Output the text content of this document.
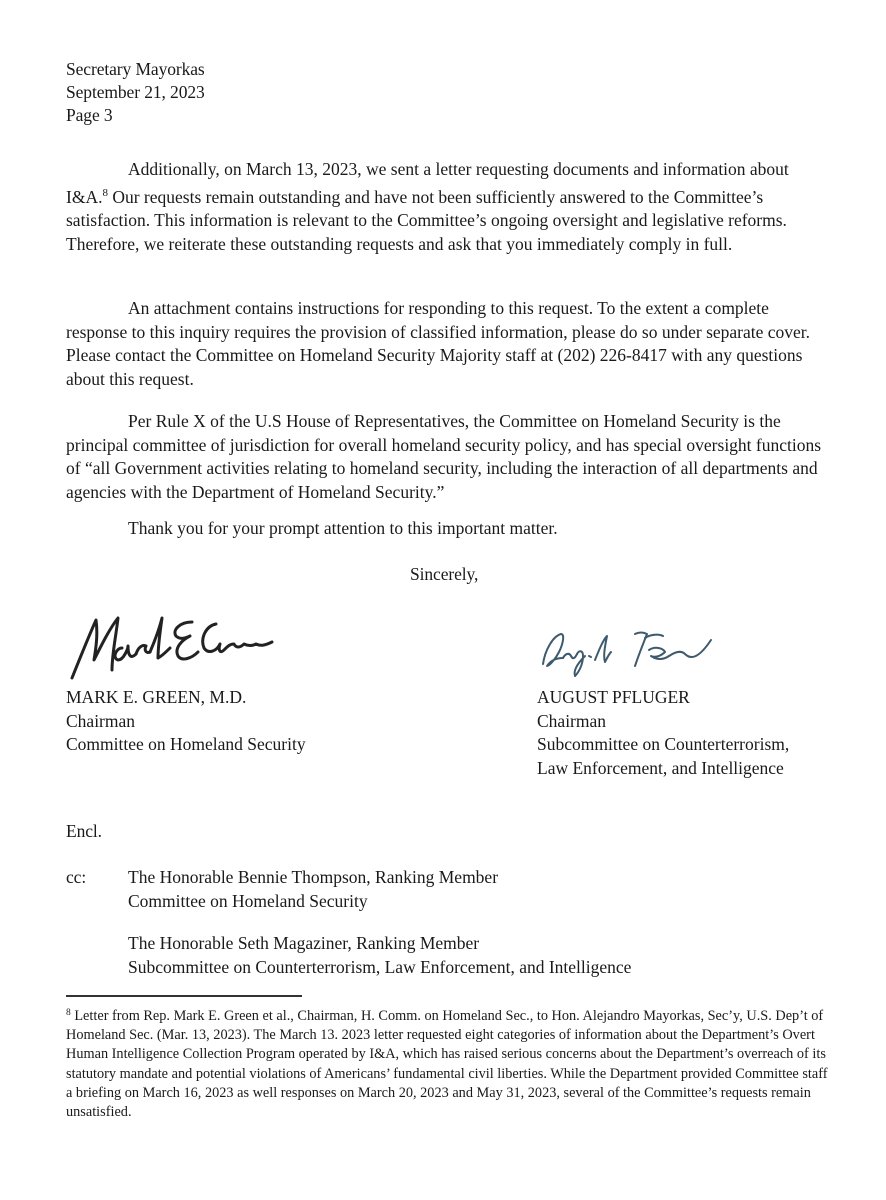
Secretary Mayorkas
September 21, 2023
Page 3

Additionally, on March 13, 2023, we sent a letter requesting documents and information about I&A.$^8$ Our requests remain outstanding and have not been sufficiently answered to the Committee’s satisfaction. This information is relevant to the Committee’s ongoing oversight and legislative reforms. Therefore, we reiterate these outstanding requests and ask that you immediately comply in full.

An attachment contains instructions for responding to this request. To the extent a complete response to this inquiry requires the provision of classified information, please do so under separate cover. Please contact the Committee on Homeland Security Majority staff at (202) 226-8417 with any questions about this request.

Per Rule X of the U.S House of Representatives, the Committee on Homeland Security is the principal committee of jurisdiction for overall homeland security policy, and has special oversight functions of “all Government activities relating to homeland security, including the interaction of all departments and agencies with the Department of Homeland Security.”

Thank you for your prompt attention to this important matter.

Sincerely,
MARK E. GREEN, M.D.
Chairman
Committee on Homeland Security
AUGUST PFLUGER
Chairman
Subcommittee on Counterterrorism,
Law Enforcement, and Intelligence
Encl.
cc: The Honorable Bennie Thompson, Ranking Member
Committee on Homeland Security
The Honorable Seth Magaziner, Ranking Member
Subcommittee on Counterterrorism, Law Enforcement, and Intelligence
$^8$ Letter from Rep. Mark E. Green et al., Chairman, H. Comm. on Homeland Sec., to Hon. Alejandro Mayorkas, Sec’y, U.S. Dep’t of Homeland Sec. (Mar. 13, 2023). The March 13. 2023 letter requested eight categories of information about the Department’s Overt Human Intelligence Collection Program operated by I&A, which has raised serious concerns about the Department’s overreach of its statutory mandate and potential violations of Americans’ fundamental civil liberties. While the Department provided Committee staff a briefing on March 16, 2023 as well responses on March 20, 2023 and May 31, 2023, several of the Committee’s requests remain unsatisfied.
